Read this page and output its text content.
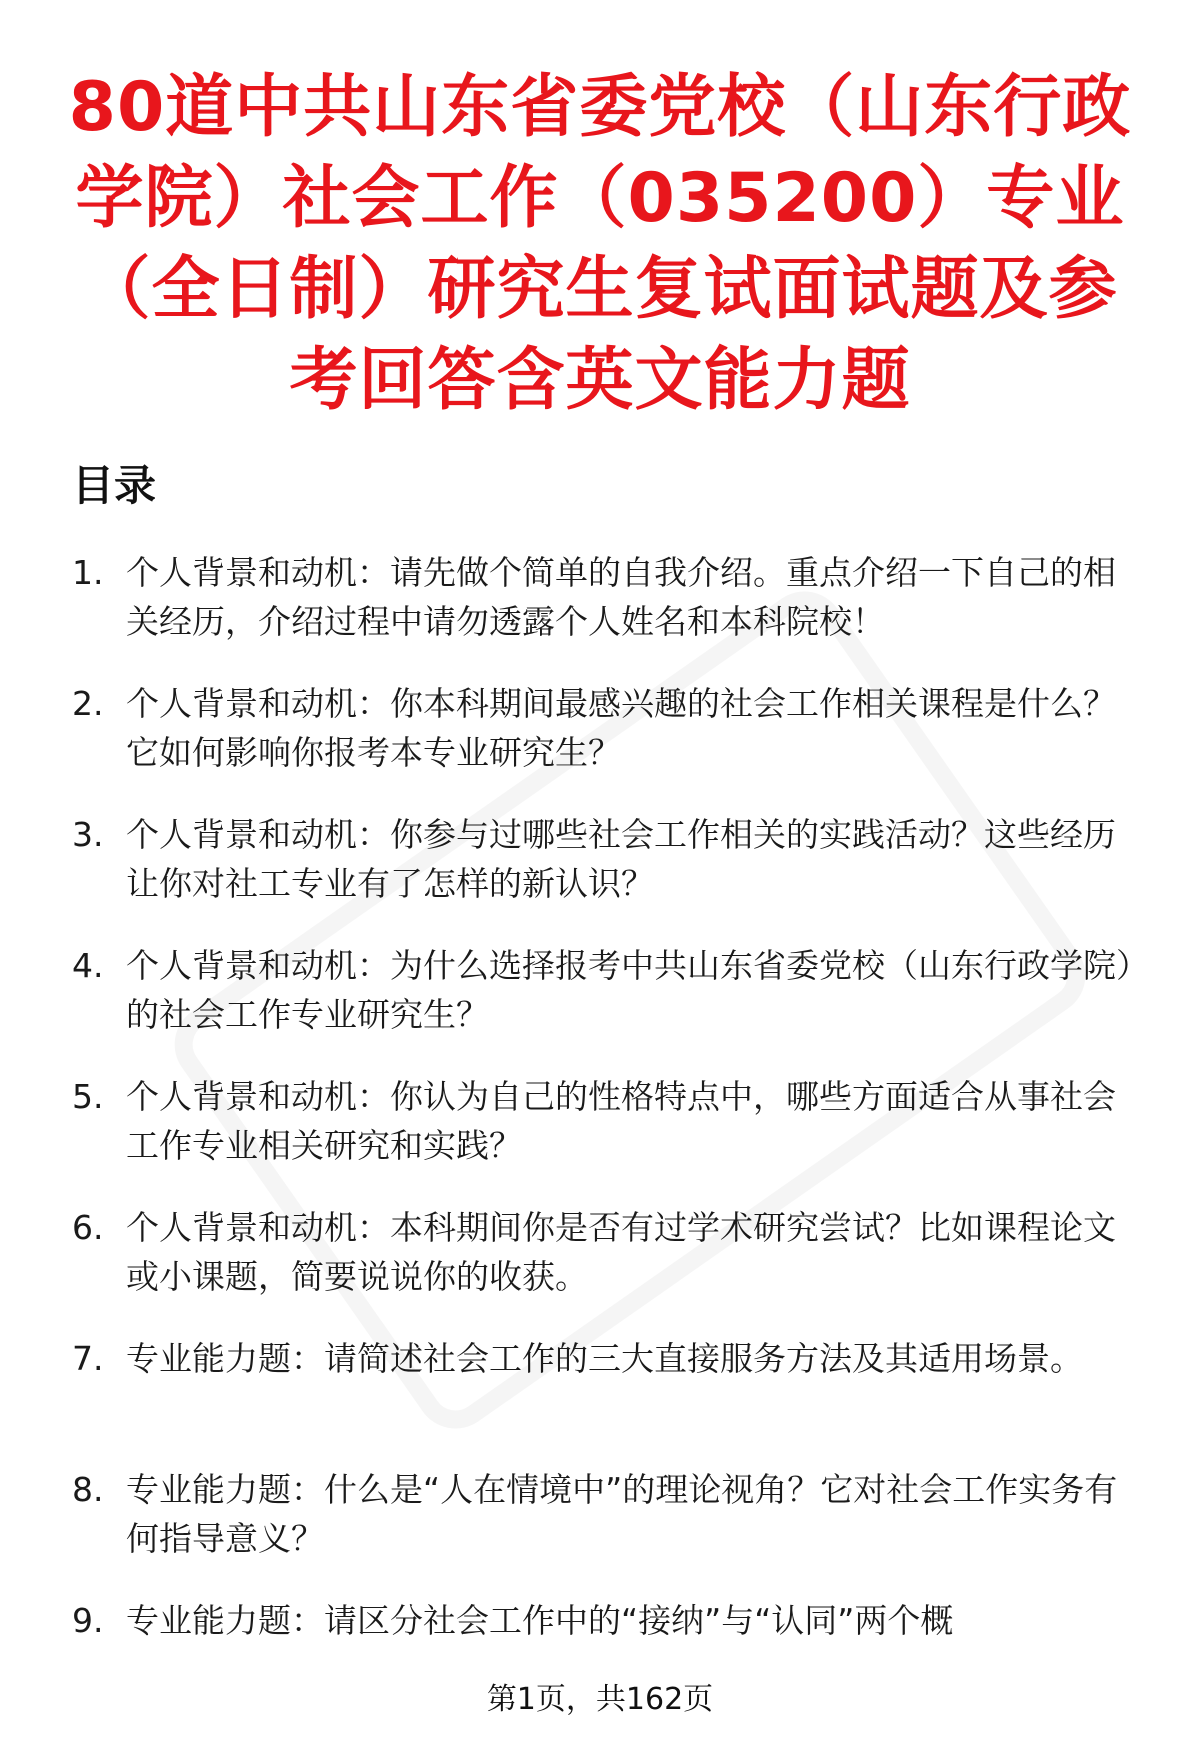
80道中共山东省委党校（山东行政学院）社会工作（035200）专业（全日制）研究生复试面试题及参考回答含英文能力题
目录
1. 个人背景和动机：请先做个简单的自我介绍。重点介绍一下自己的相关经历，介绍过程中请勿透露个人姓名和本科院校！
2. 个人背景和动机：你本科期间最感兴趣的社会工作相关课程是什么？它如何影响你报考本专业研究生？
3. 个人背景和动机：你参与过哪些社会工作相关的实践活动？这些经历让你对社工专业有了怎样的新认识？
4. 个人背景和动机：为什么选择报考中共山东省委党校（山东行政学院）的社会工作专业研究生？
5. 个人背景和动机：你认为自己的性格特点中，哪些方面适合从事社会工作专业相关研究和实践？
6. 个人背景和动机：本科期间你是否有过学术研究尝试？比如课程论文或小课题，简要说说你的收获。
7. 专业能力题：请简述社会工作的三大直接服务方法及其适用场景。
8. 专业能力题：什么是“人在情境中”的理论视角？它对社会工作实务有何指导意义？
9. 专业能力题：请区分社会工作中的“接纳”与“认同”两个概
第1页，共162页
